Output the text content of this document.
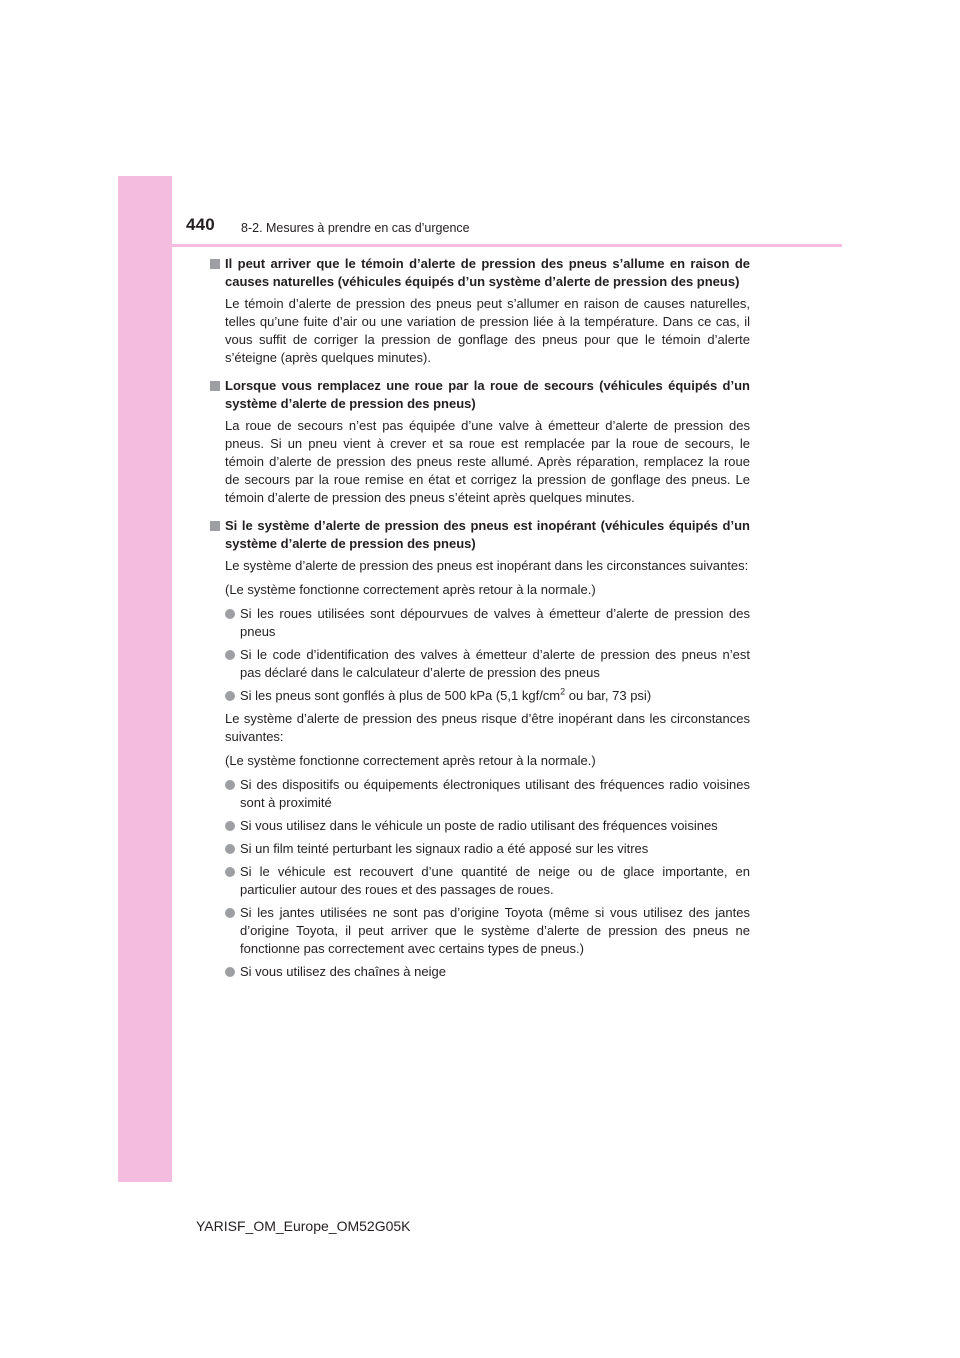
440 8-2. Mesures à prendre en cas d’urgence
Il peut arriver que le témoin d’alerte de pression des pneus s’allume en raison de causes naturelles (véhicules équipés d’un système d’alerte de pression des pneus)
Le témoin d’alerte de pression des pneus peut s’allumer en raison de causes naturelles, telles qu’une fuite d’air ou une variation de pression liée à la température. Dans ce cas, il vous suffit de corriger la pression de gonflage des pneus pour que le témoin d’alerte s’éteigne (après quelques minutes).
Lorsque vous remplacez une roue par la roue de secours (véhicules équipés d’un système d’alerte de pression des pneus)
La roue de secours n’est pas équipée d’une valve à émetteur d’alerte de pression des pneus. Si un pneu vient à crever et sa roue est remplacée par la roue de secours, le témoin d’alerte de pression des pneus reste allumé. Après réparation, remplacez la roue de secours par la roue remise en état et corrigez la pression de gonflage des pneus. Le témoin d’alerte de pression des pneus s’éteint après quelques minutes.
Si le système d’alerte de pression des pneus est inopérant (véhicules équipés d’un système d’alerte de pression des pneus)
Le système d’alerte de pression des pneus est inopérant dans les circonstances suivantes:
(Le système fonctionne correctement après retour à la normale.)
Si les roues utilisées sont dépourvues de valves à émetteur d’alerte de pression des pneus
Si le code d’identification des valves à émetteur d’alerte de pression des pneus n’est pas déclaré dans le calculateur d’alerte de pression des pneus
Si les pneus sont gonflés à plus de 500 kPa (5,1 kgf/$cm^2$ ou bar, 73 psi)
Le système d’alerte de pression des pneus risque d’être inopérant dans les circonstances suivantes:
(Le système fonctionne correctement après retour à la normale.)
Si des dispositifs ou équipements électroniques utilisant des fréquences radio voisines sont à proximité
Si vous utilisez dans le véhicule un poste de radio utilisant des fréquences voisines
Si un film teinté perturbant les signaux radio a été apposé sur les vitres
Si le véhicule est recouvert d’une quantité de neige ou de glace importante, en particulier autour des roues et des passages de roues.
Si les jantes utilisées ne sont pas d’origine Toyota (même si vous utilisez des jantes d’origine Toyota, il peut arriver que le système d’alerte de pression des pneus ne fonctionne pas correctement avec certains types de pneus.)
Si vous utilisez des chaînes à neige
YARISF_OM_Europe_OM52G05K
